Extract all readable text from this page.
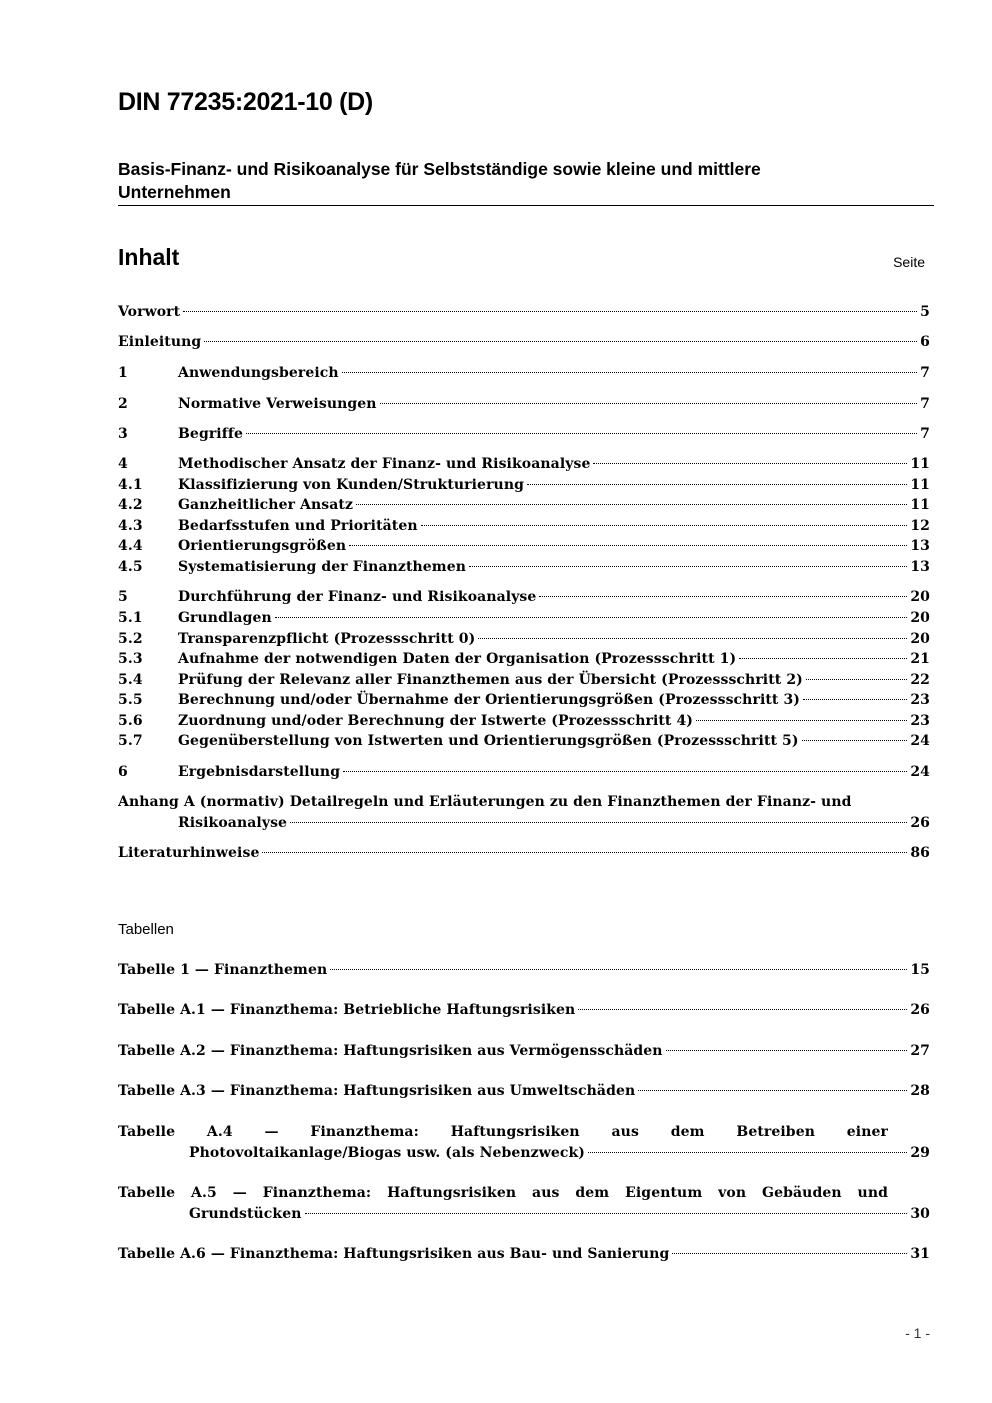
DIN 77235:2021-10 (D)
Basis-Finanz- und Risikoanalyse für Selbstständige sowie kleine und mittlere Unternehmen
Inhalt	Seite
Anhang A (normativ) Detailregeln und Erläuterungen zu den Finanzthemen der Finanz- und
Risikoanalyse	26
Literaturhinweise	86
Vorwort	5
Einleitung	6
1	Anwendungsbereich	7
2	Normative Verweisungen	7
3	Begriffe	7
4	Methodischer Ansatz der Finanz- und Risikoanalyse	11
4.1	Klassifizierung von Kunden/Strukturierung	11
4.2	Ganzheitlicher Ansatz	11
4.3	Bedarfsstufen und Prioritäten	12
4.4	Orientierungsgrößen	13
4.5	Systematisierung der Finanzthemen	13
5	Durchführung der Finanz- und Risikoanalyse	20
5.1	Grundlagen	20
5.2	Transparenzpflicht (Prozessschritt 0)	20
5.3	Aufnahme der notwendigen Daten der Organisation (Prozessschritt 1)	21
5.4	Prüfung der Relevanz aller Finanzthemen aus der Übersicht (Prozessschritt 2)	22
5.5	Berechnung und/oder Übernahme der Orientierungsgrößen (Prozessschritt 3)	23
5.6	Zuordnung und/oder Berechnung der Istwerte (Prozessschritt 4)	23
5.7	Gegenüberstellung von Istwerten und Orientierungsgrößen (Prozessschritt 5)	24
6	Ergebnisdarstellung	24
Tabellen
Tabelle 1 — Finanzthemen	15
Tabelle A.1 — Finanzthema: Betriebliche Haftungsrisiken	26
Tabelle A.2 — Finanzthema: Haftungsrisiken aus Vermögensschäden	27
Tabelle A.3 — Finanzthema: Haftungsrisiken aus Umweltschäden	28
Tabelle A.4 — Finanzthema: Haftungsrisiken aus dem Betreiben einer
Photovoltaikanlage/Biogas usw. (als Nebenzweck)	29
Tabelle A.5 — Finanzthema: Haftungsrisiken aus dem Eigentum von Gebäuden und
Grundstücken	30
Tabelle A.6 — Finanzthema: Haftungsrisiken aus Bau- und Sanierung	31
- 1 -
